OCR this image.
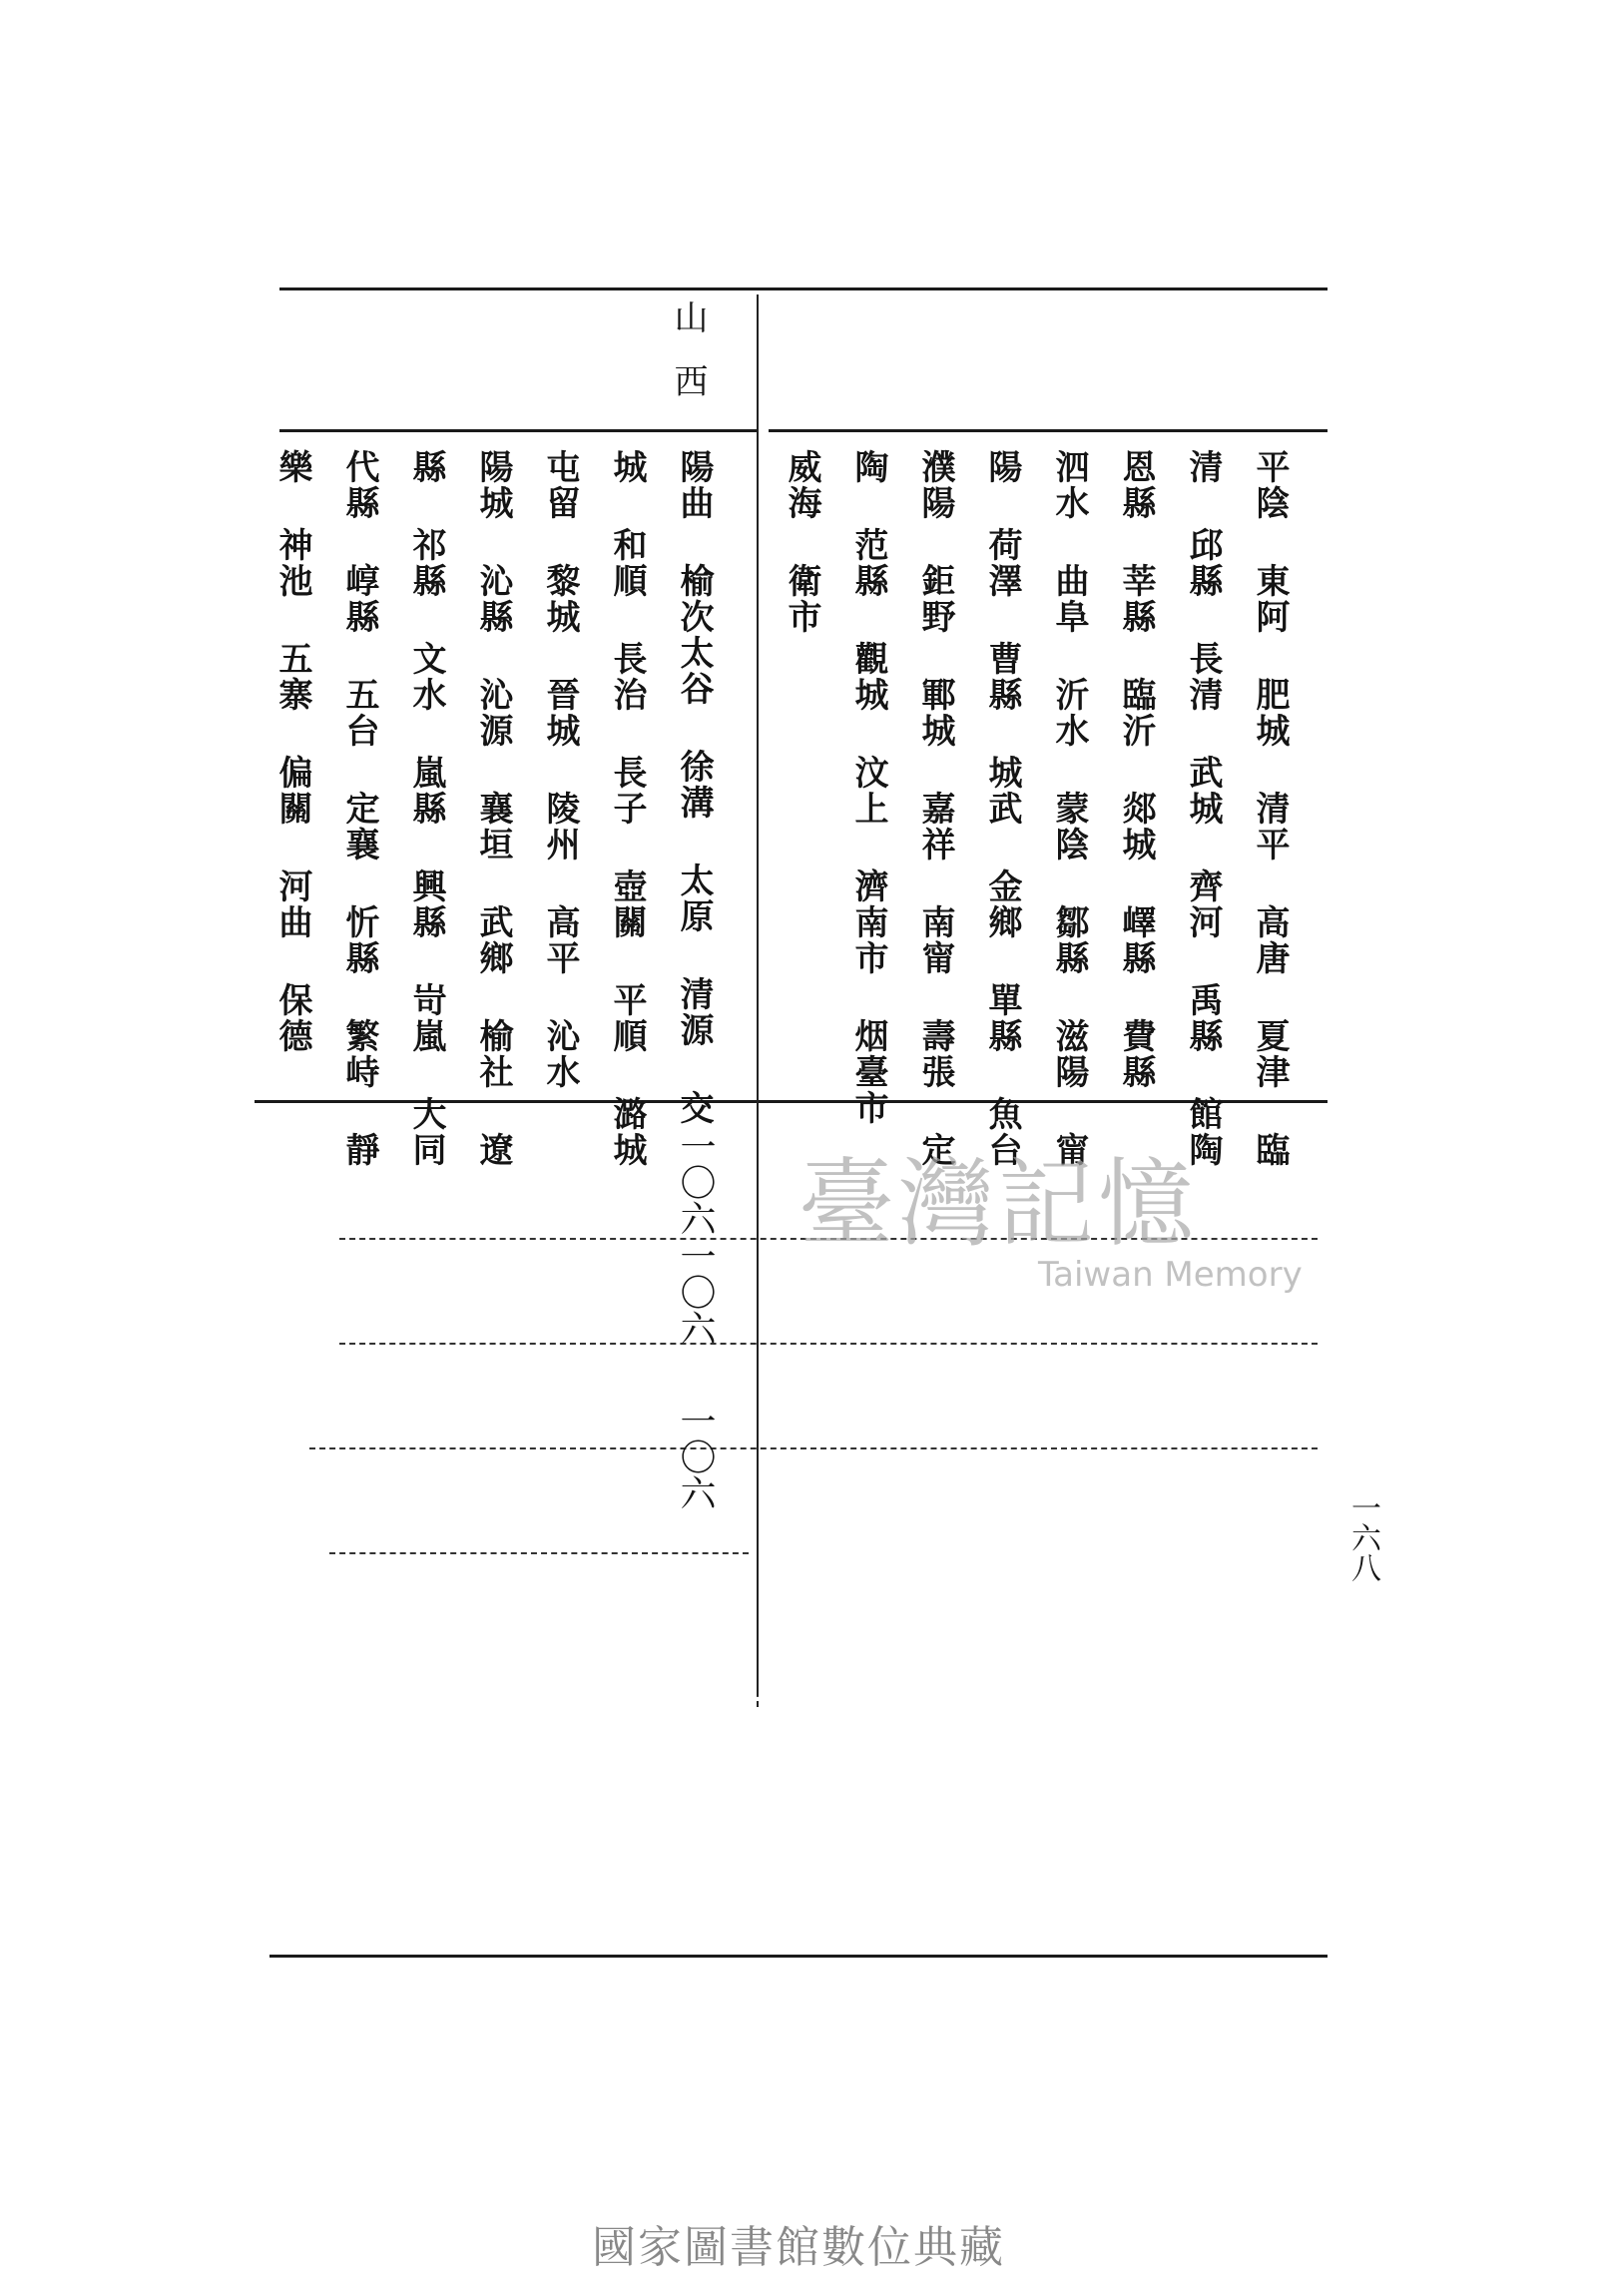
山西
平陰 東阿 肥城 清平 高唐 夏津 臨
清 邱縣 長清 武城 齊河 禹縣 館陶
恩縣 莘縣 臨沂 郯城 嶧縣 費縣
泗水 曲阜 沂水 蒙陰 鄒縣 滋陽 甯
陽 荷澤 曹縣 城武 金鄉 單縣 魚台
濮陽 鉅野 鄆城 嘉祥 南甯 壽張 定
陶 范縣 觀城 汶上 濟南市 烟臺市
威海 衛市
陽曲 榆次太谷 徐溝 太原 清源 交
城 和順 長治 長子 壺關 平順 潞城
屯留 黎城 晉城 陵州 高平 沁水
陽城 沁縣 沁源 襄垣 武鄉 榆社 遼
縣 祁縣 文水 嵐縣 興縣 岢嵐 大同
代縣 崞縣 五台 定襄 忻縣 繁峙 靜
樂 神池 五寨 偏關 河曲 保德
一〇六
一〇六
一〇六
一六八
臺灣記憶
Taiwan Memory
國家圖書館數位典藏
